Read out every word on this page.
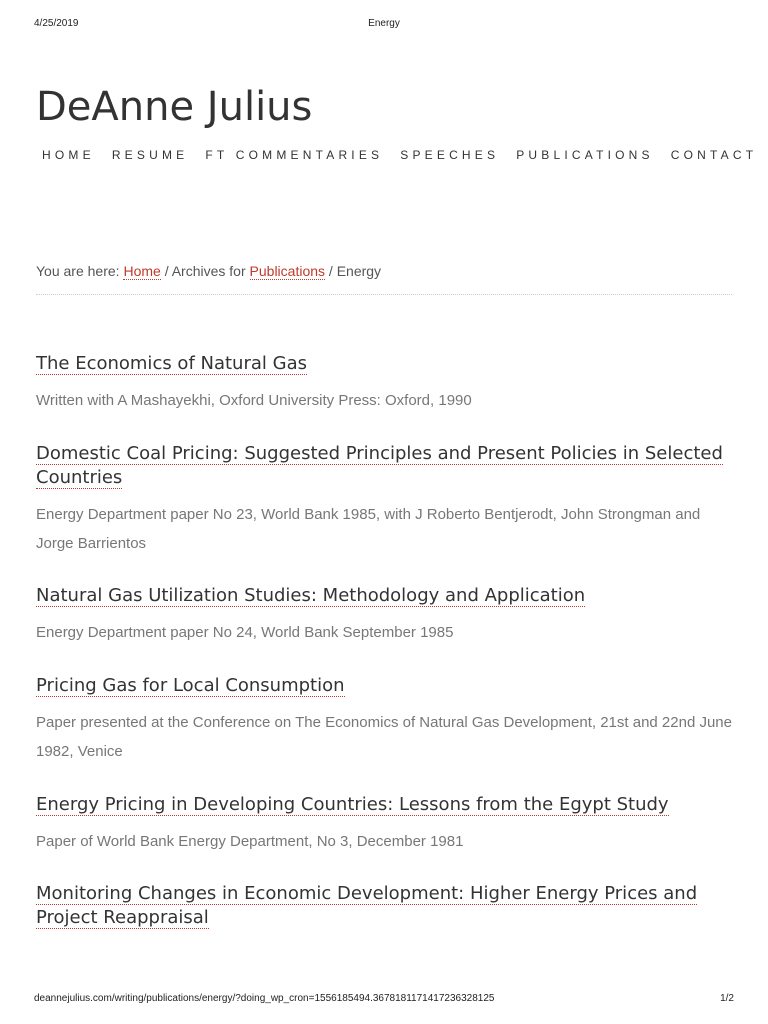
4/25/2019	Energy
DeAnne Julius
HOME RESUME FT COMMENTARIES SPEECHES PUBLICATIONS CONTACT
You are here: Home / Archives for Publications / Energy
The Economics of Natural Gas
Written with A Mashayekhi, Oxford University Press: Oxford, 1990
Domestic Coal Pricing: Suggested Principles and Present Policies in Selected Countries
Energy Department paper No 23, World Bank 1985, with J Roberto Bentjerodt, John Strongman and Jorge Barrientos
Natural Gas Utilization Studies: Methodology and Application
Energy Department paper No 24, World Bank September 1985
Pricing Gas for Local Consumption
Paper presented at the Conference on The Economics of Natural Gas Development, 21st and 22nd June 1982, Venice
Energy Pricing in Developing Countries: Lessons from the Egypt Study
Paper of World Bank Energy Department, No 3, December 1981
Monitoring Changes in Economic Development: Higher Energy Prices and Project Reappraisal
deannejulius.com/writing/publications/energy/?doing_wp_cron=1556185494.3678181171417236328125	1/2
